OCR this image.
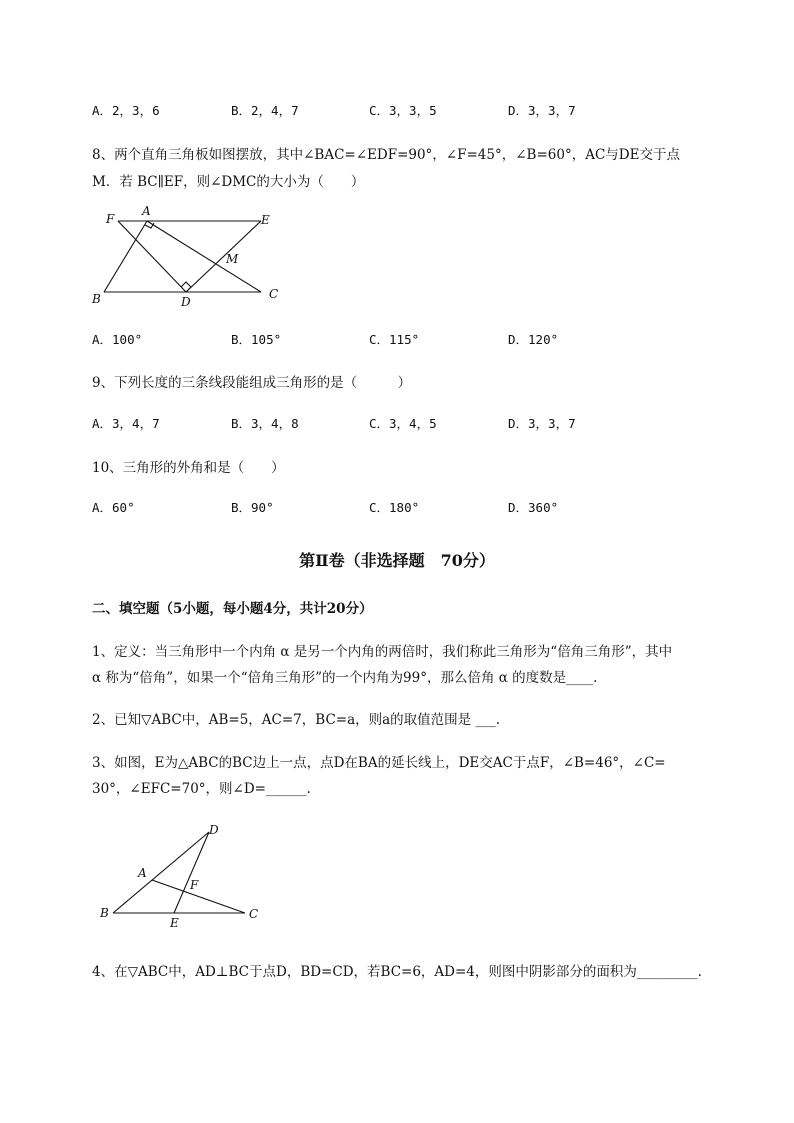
A．2，3，6	B．2，4，7	C．3，3，5	D．3，3，7
8、两个直角三角板如图摆放，其中∠BAC=∠EDF=90°，∠F=45°，∠B=60°，AC与DE交于点
M．若 BC∥EF，则∠DMC的大小为（　　）
F
A
E
M
B	D
C
A．100°	B．105°	C．115°	D．120°
9、下列长度的三条线段能组成三角形的是（　　　）
A．3，4，7	B．3，4，8	C．3，4，5	D．3，3，7
10、三角形的外角和是（　　）
A．60°	B．90°	C．180°	D．360°
第Ⅱ卷（非选择题　70分）
二、填空题（5小题，每小题4分，共计20分）
1、定义：当三角形中一个内角 α 是另一个内角的两倍时，我们称此三角形为“倍角三角形”，其中
α 称为“倍角”，如果一个“倍角三角形”的一个内角为99°，那么倍角 α 的度数是____.
2、已知▽ABC中，AB=5，AC=7，BC=a，则a的取值范围是 ___.
3、如图，E为△ABC的BC边上一点，点D在BA的延长线上，DE交AC于点F，∠B=46°，∠C=
30°，∠EFC=70°，则∠D=______.
D
A
F
B
E
C
4、在▽ABC中，AD⊥BC于点D，BD=CD，若BC=6，AD=4，则图中阴影部分的面积为_________.
